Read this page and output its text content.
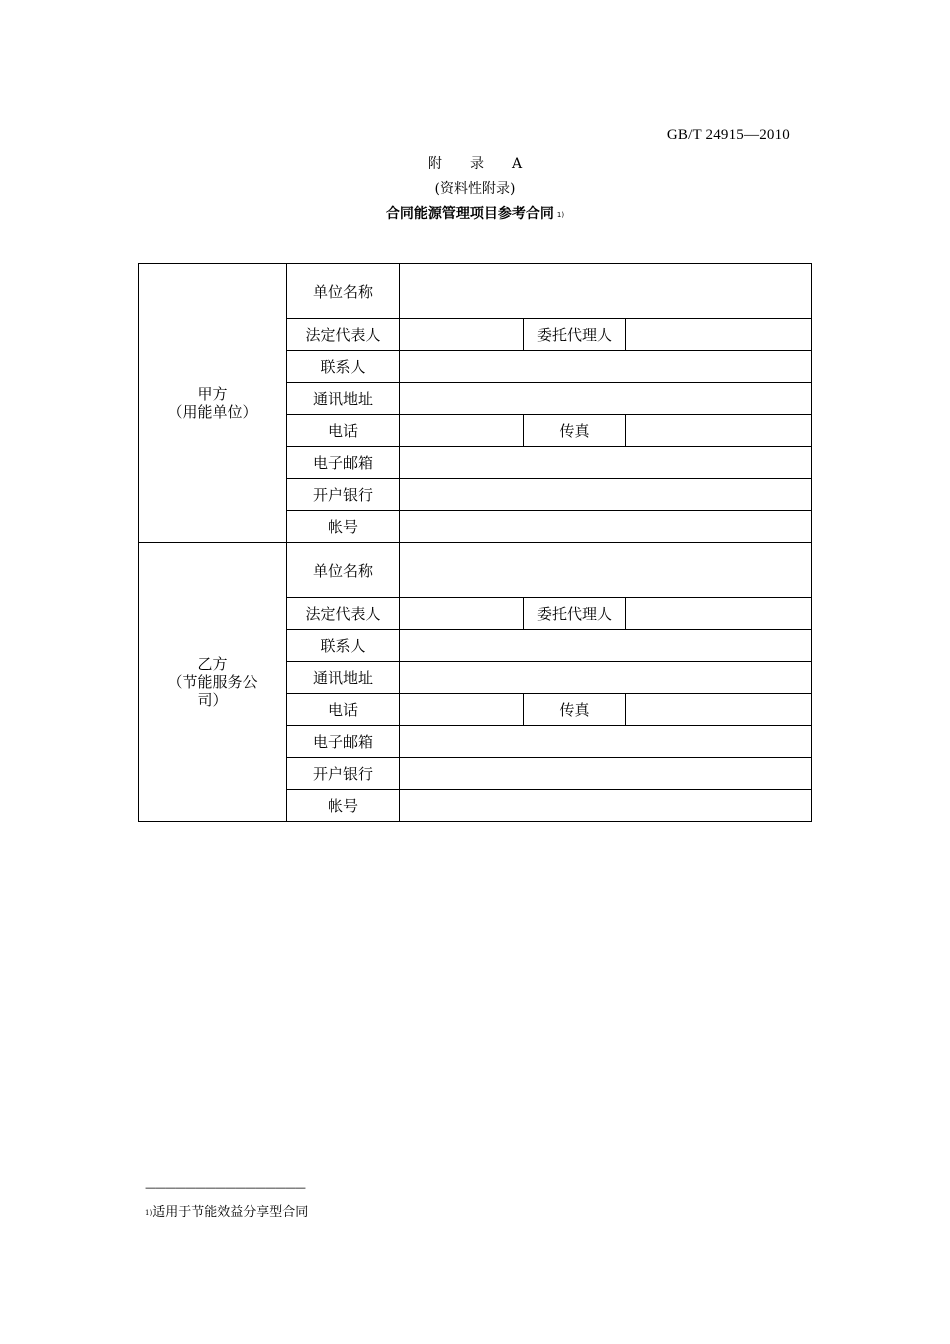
GB/T 24915—2010
附 录 A
(资料性附录)
合同能源管理项目参考合同 $^{1)}$
甲方
（用能单位）	单位名称			
	法定代表人		委托代理人	
	联系人			
	通讯地址			
	电话		传真	
	电子邮箱			
	开户银行			
	帐号			

乙方
（节能服务公司）	单位名称			
	法定代表人		委托代理人	
	联系人			
	通讯地址			
	电话		传真	
	电子邮箱			
	开户银行			
	帐号			
————————————————
1)适用于节能效益分享型合同
